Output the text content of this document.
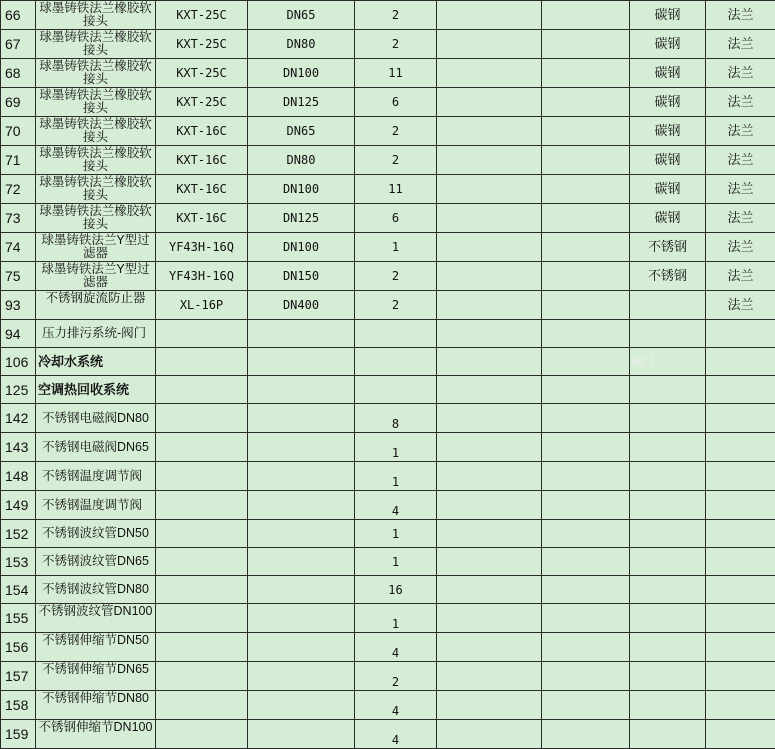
66	球墨铸铁法兰橡胶软接头	KXT-25C	DN65	2			碳钢	法兰
67	球墨铸铁法兰橡胶软接头	KXT-25C	DN80	2			碳钢	法兰
68	球墨铸铁法兰橡胶软接头	KXT-25C	DN100	11			碳钢	法兰
69	球墨铸铁法兰橡胶软接头	KXT-25C	DN125	6			碳钢	法兰
70	球墨铸铁法兰橡胶软接头	KXT-16C	DN65	2			碳钢	法兰
71	球墨铸铁法兰橡胶软接头	KXT-16C	DN80	2			碳钢	法兰
72	球墨铸铁法兰橡胶软接头	KXT-16C	DN100	11			碳钢	法兰
73	球墨铸铁法兰橡胶软接头	KXT-16C	DN125	6			碳钢	法兰
74	球墨铸铁法兰Y型过滤器	YF43H-16Q	DN100	1			不锈钢	法兰
75	球墨铸铁法兰Y型过滤器	YF43H-16Q	DN150	2			不锈钢	法兰
93	不锈钢旋流防止器	XL-16P	DN400	2				法兰
94	压力排污系统-阀门							
106	冷却水系统						阀门	
125	空调热回收系统							
142	不锈钢电磁阀DN80			8				
143	不锈钢电磁阀DN65			1				
148	不锈钢温度调节阀			1				
149	不锈钢温度调节阀			4				
152	不锈钢波纹管DN50			1				
153	不锈钢波纹管DN65			1				
154	不锈钢波纹管DN80			16				
155	不锈钢波纹管DN100			1				
156	不锈钢伸缩节DN50			4				
157	不锈钢伸缩节DN65			2				
158	不锈钢伸缩节DN80			4				
159	不锈钢伸缩节DN100			4				
